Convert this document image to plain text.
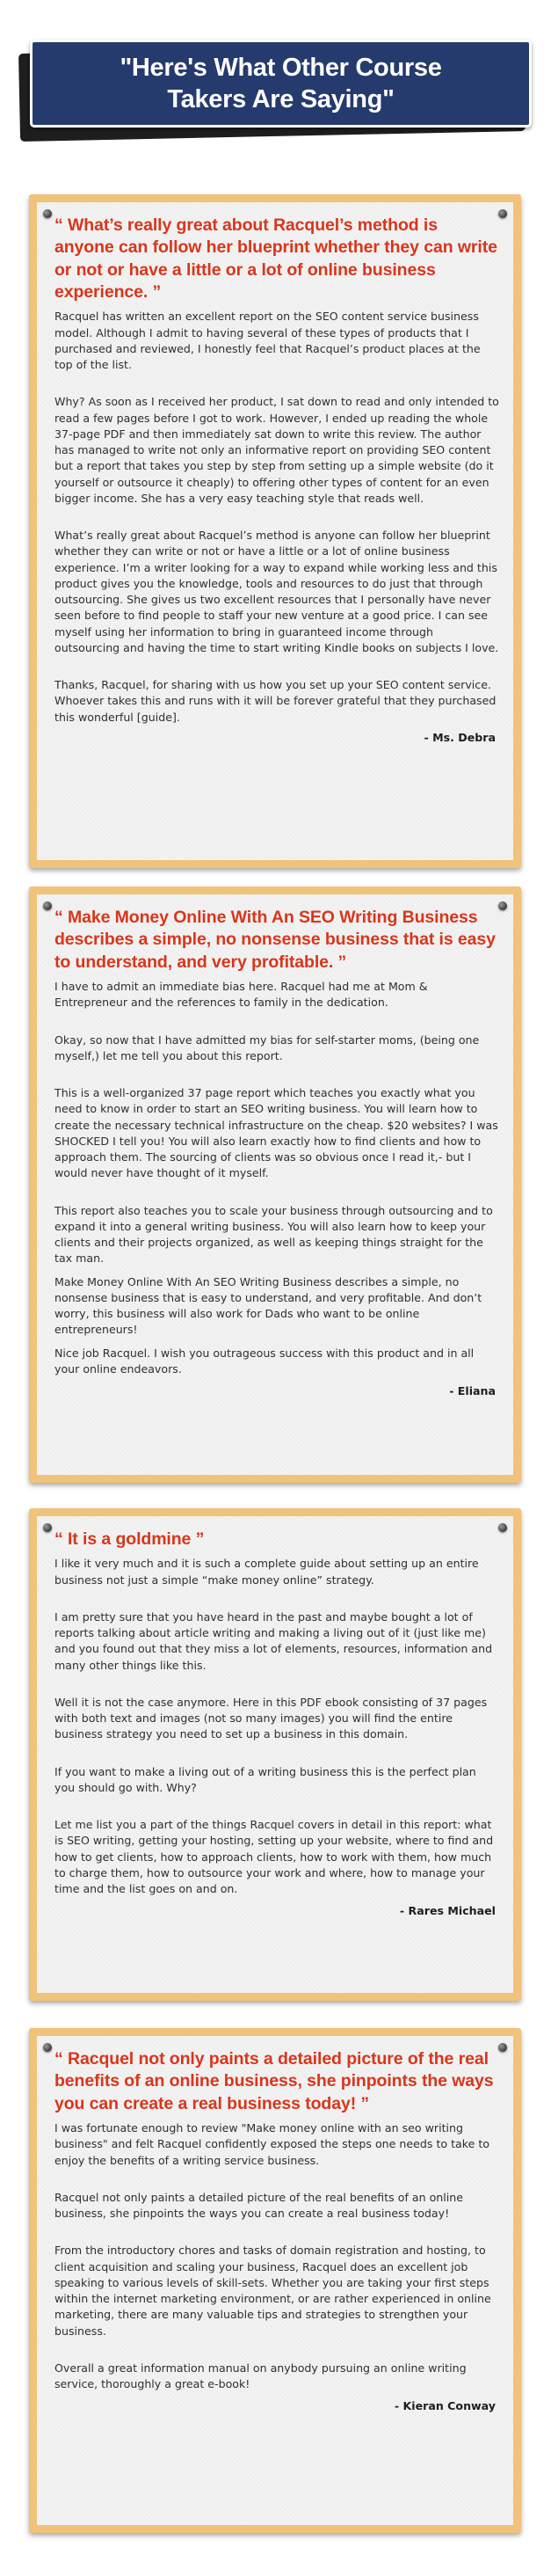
"Here's What Other Course Takers Are Saying"
“ What’s really great about Racquel’s method is anyone can follow her blueprint whether they can write or not or have a little or a lot of online business experience. ”

Racquel has written an excellent report on the SEO content service business model. Although I admit to having several of these types of products that I purchased and reviewed, I honestly feel that Racquel’s product places at the top of the list.

Why? As soon as I received her product, I sat down to read and only intended to read a few pages before I got to work. However, I ended up reading the whole 37-page PDF and then immediately sat down to write this review. The author has managed to write not only an informative report on providing SEO content but a report that takes you step by step from setting up a simple website (do it yourself or outsource it cheaply) to offering other types of content for an even bigger income. She has a very easy teaching style that reads well.

What’s really great about Racquel’s method is anyone can follow her blueprint whether they can write or not or have a little or a lot of online business experience. I’m a writer looking for a way to expand while working less and this product gives you the knowledge, tools and resources to do just that through outsourcing. She gives us two excellent resources that I personally have never seen before to find people to staff your new venture at a good price. I can see myself using her information to bring in guaranteed income through outsourcing and having the time to start writing Kindle books on subjects I love.

Thanks, Racquel, for sharing with us how you set up your SEO content service. Whoever takes this and runs with it will be forever grateful that they purchased this wonderful [guide].

- Ms. Debra
“ Make Money Online With An SEO Writing Business describes a simple, no nonsense business that is easy to understand, and very profitable. ”

I have to admit an immediate bias here. Racquel had me at Mom & Entrepreneur and the references to family in the dedication.

Okay, so now that I have admitted my bias for self-starter moms, (being one myself,) let me tell you about this report.

This is a well-organized 37 page report which teaches you exactly what you need to know in order to start an SEO writing business. You will learn how to create the necessary technical infrastructure on the cheap. $20 websites? I was SHOCKED I tell you! You will also learn exactly how to find clients and how to approach them. The sourcing of clients was so obvious once I read it,- but I would never have thought of it myself.

This report also teaches you to scale your business through outsourcing and to expand it into a general writing business. You will also learn how to keep your clients and their projects organized, as well as keeping things straight for the tax man.

Make Money Online With An SEO Writing Business describes a simple, no nonsense business that is easy to understand, and very profitable. And don’t worry, this business will also work for Dads who want to be online entrepreneurs!

Nice job Racquel. I wish you outrageous success with this product and in all your online endeavors.

- Eliana
“ It is a goldmine ”

I like it very much and it is such a complete guide about setting up an entire business not just a simple “make money online” strategy.

I am pretty sure that you have heard in the past and maybe bought a lot of reports talking about article writing and making a living out of it (just like me) and you found out that they miss a lot of elements, resources, information and many other things like this.

Well it is not the case anymore. Here in this PDF ebook consisting of 37 pages with both text and images (not so many images) you will find the entire business strategy you need to set up a business in this domain.

If you want to make a living out of a writing business this is the perfect plan you should go with. Why?

Let me list you a part of the things Racquel covers in detail in this report: what is SEO writing, getting your hosting, setting up your website, where to find and how to get clients, how to approach clients, how to work with them, how much to charge them, how to outsource your work and where, how to manage your time and the list goes on and on.

- Rares Michael
“ Racquel not only paints a detailed picture of the real benefits of an online business, she pinpoints the ways you can create a real business today! ”

I was fortunate enough to review "Make money online with an seo writing business" and felt Racquel confidently exposed the steps one needs to take to enjoy the benefits of a writing service business.

Racquel not only paints a detailed picture of the real benefits of an online business, she pinpoints the ways you can create a real business today!

From the introductory chores and tasks of domain registration and hosting, to client acquisition and scaling your business, Racquel does an excellent job speaking to various levels of skill-sets. Whether you are taking your first steps within the internet marketing environment, or are rather experienced in online marketing, there are many valuable tips and strategies to strengthen your business.

Overall a great information manual on anybody pursuing an online writing service, thoroughly a great e-book!

- Kieran Conway
